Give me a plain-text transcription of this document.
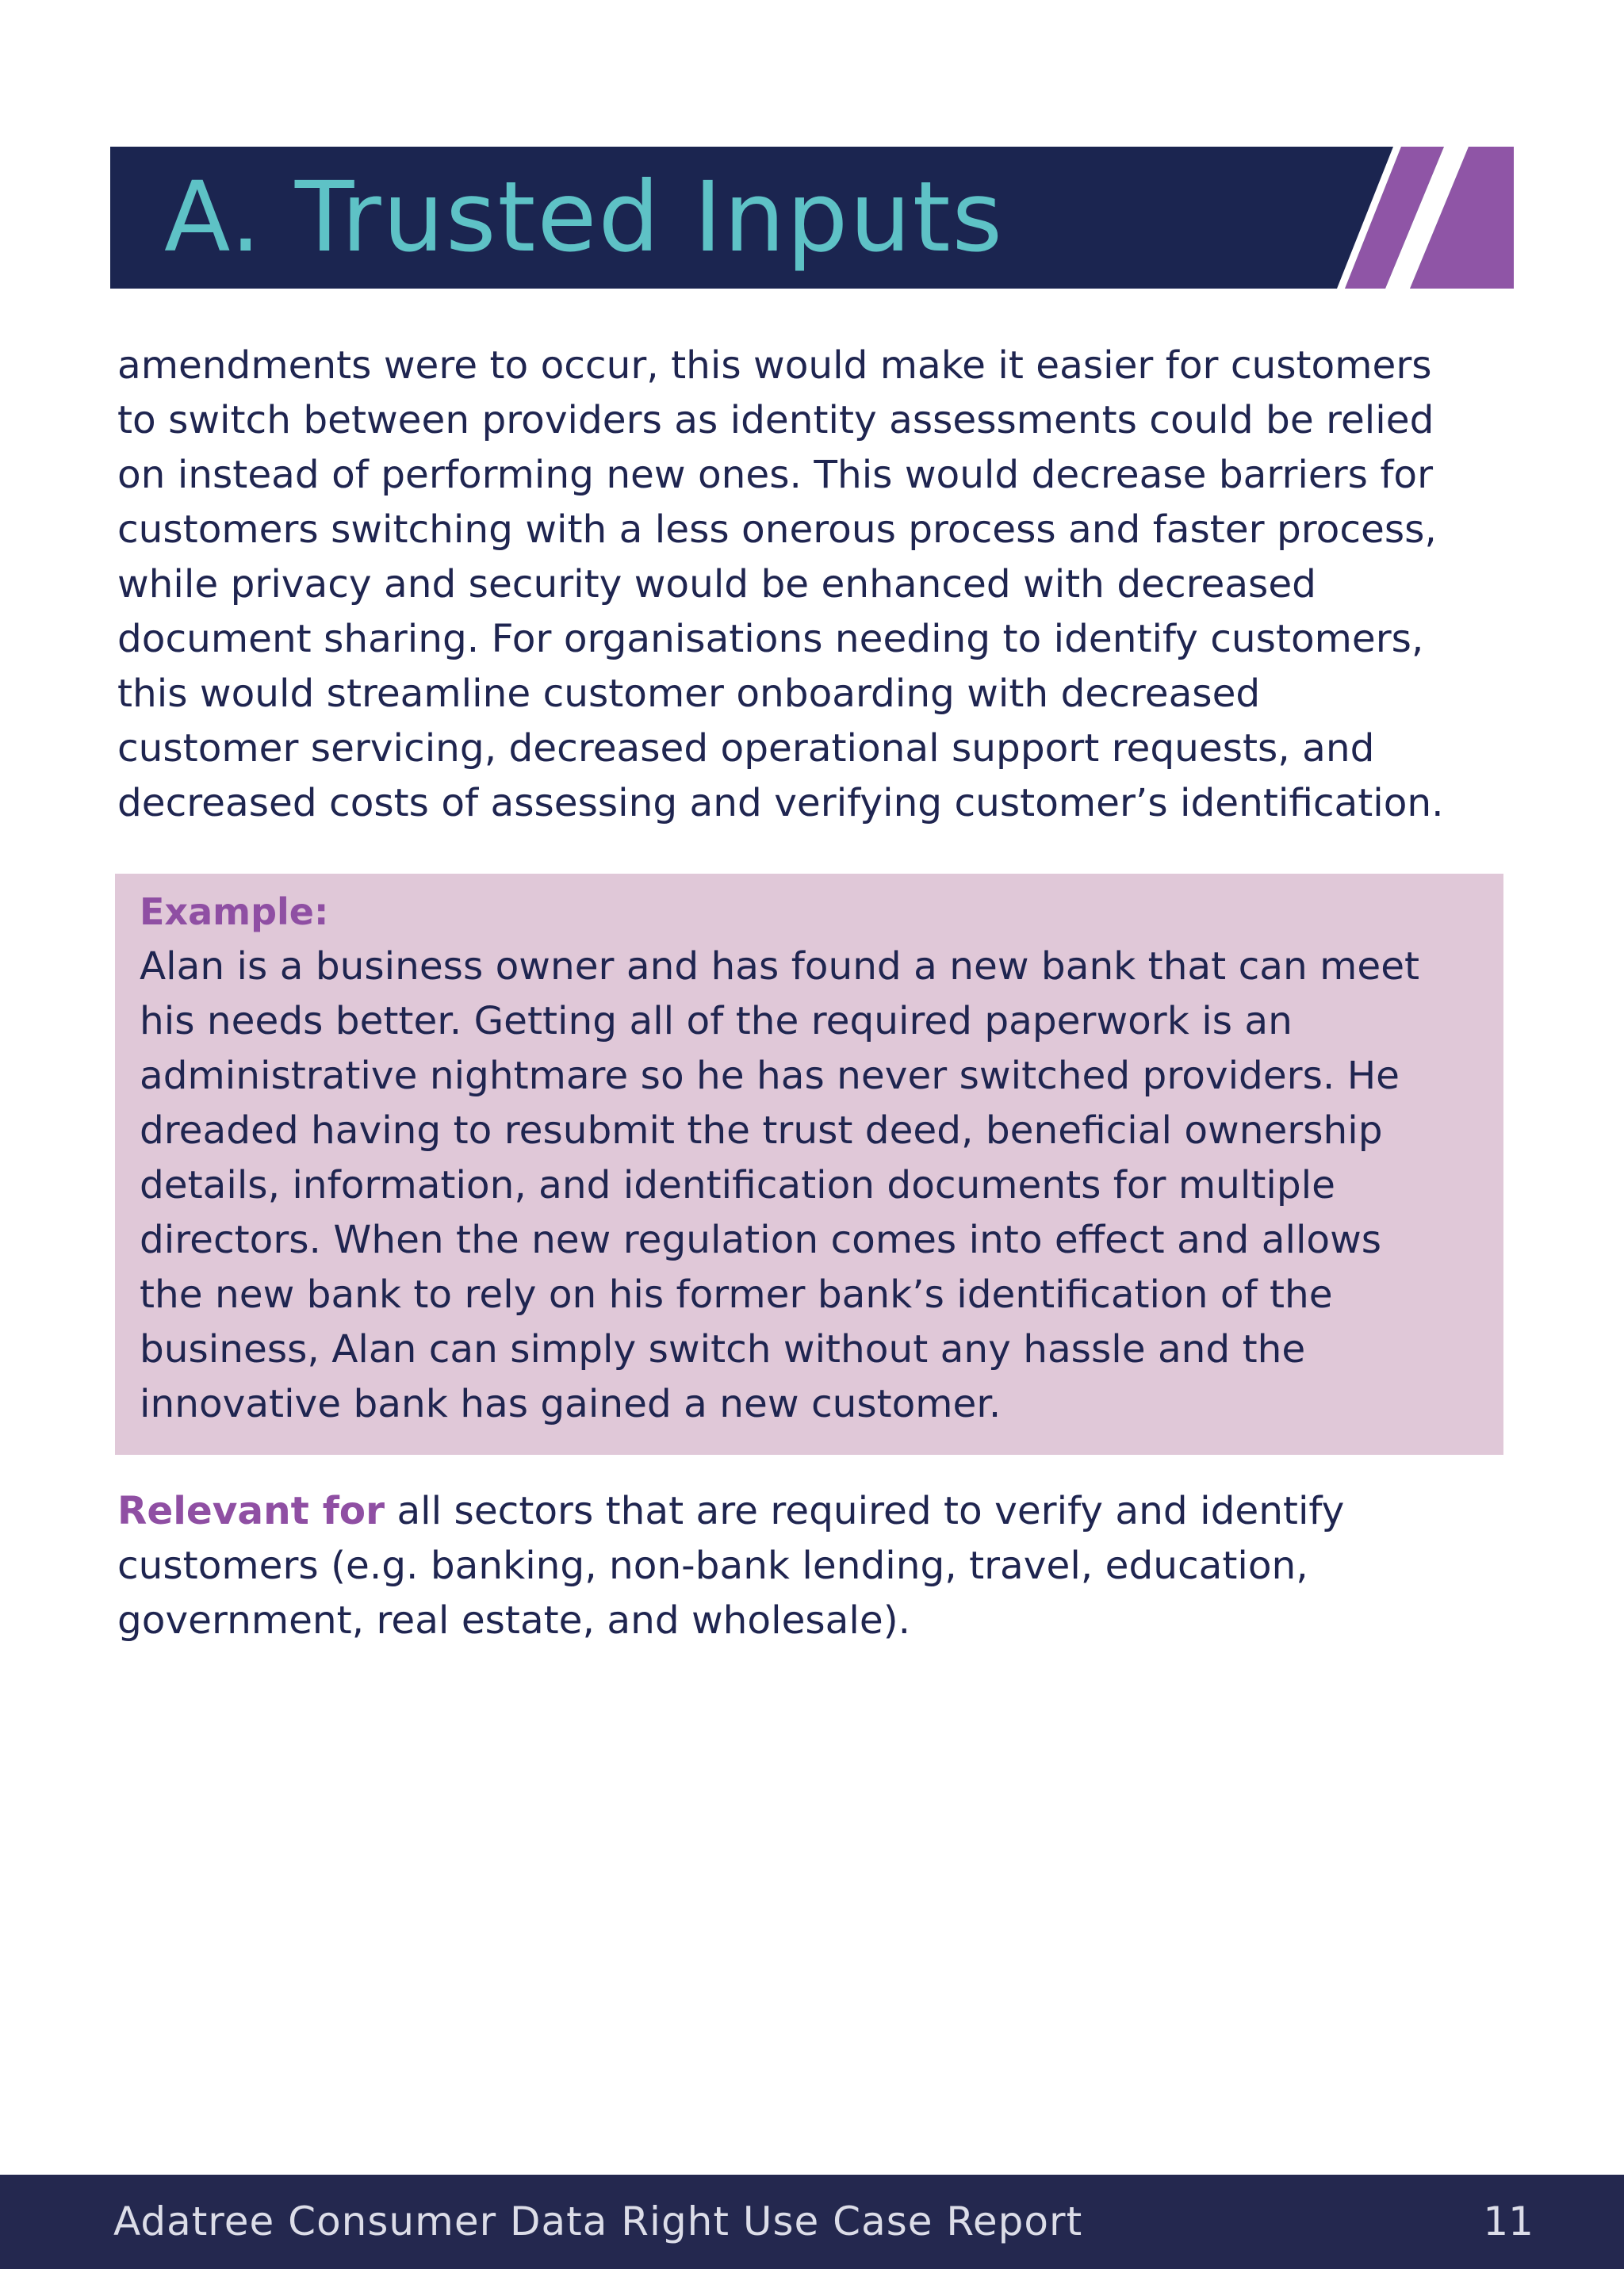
A. Trusted Inputs

amendments were to occur, this would make it easier for customers
to switch between providers as identity assessments could be relied
on instead of performing new ones. This would decrease barriers for
customers switching with a less onerous process and faster process,
while privacy and security would be enhanced with decreased
document sharing. For organisations needing to identify customers,
this would streamline customer onboarding with decreased
customer servicing, decreased operational support requests, and
decreased costs of assessing and verifying customer’s identification.

Example:

Alan is a business owner and has found a new bank that can meet
his needs better. Getting all of the required paperwork is an
administrative nightmare so he has never switched providers. He
dreaded having to resubmit the trust deed, beneficial ownership
details, information, and identification documents for multiple
directors. When the new regulation comes into effect and allows
the new bank to rely on his former bank’s identification of the
business, Alan can simply switch without any hassle and the
innovative bank has gained a new customer.

Relevant for all sectors that are required to verify and identify
customers (e.g. banking, non-bank lending, travel, education,
government, real estate, and wholesale).

Adatree Consumer Data Right Use Case Report	11
